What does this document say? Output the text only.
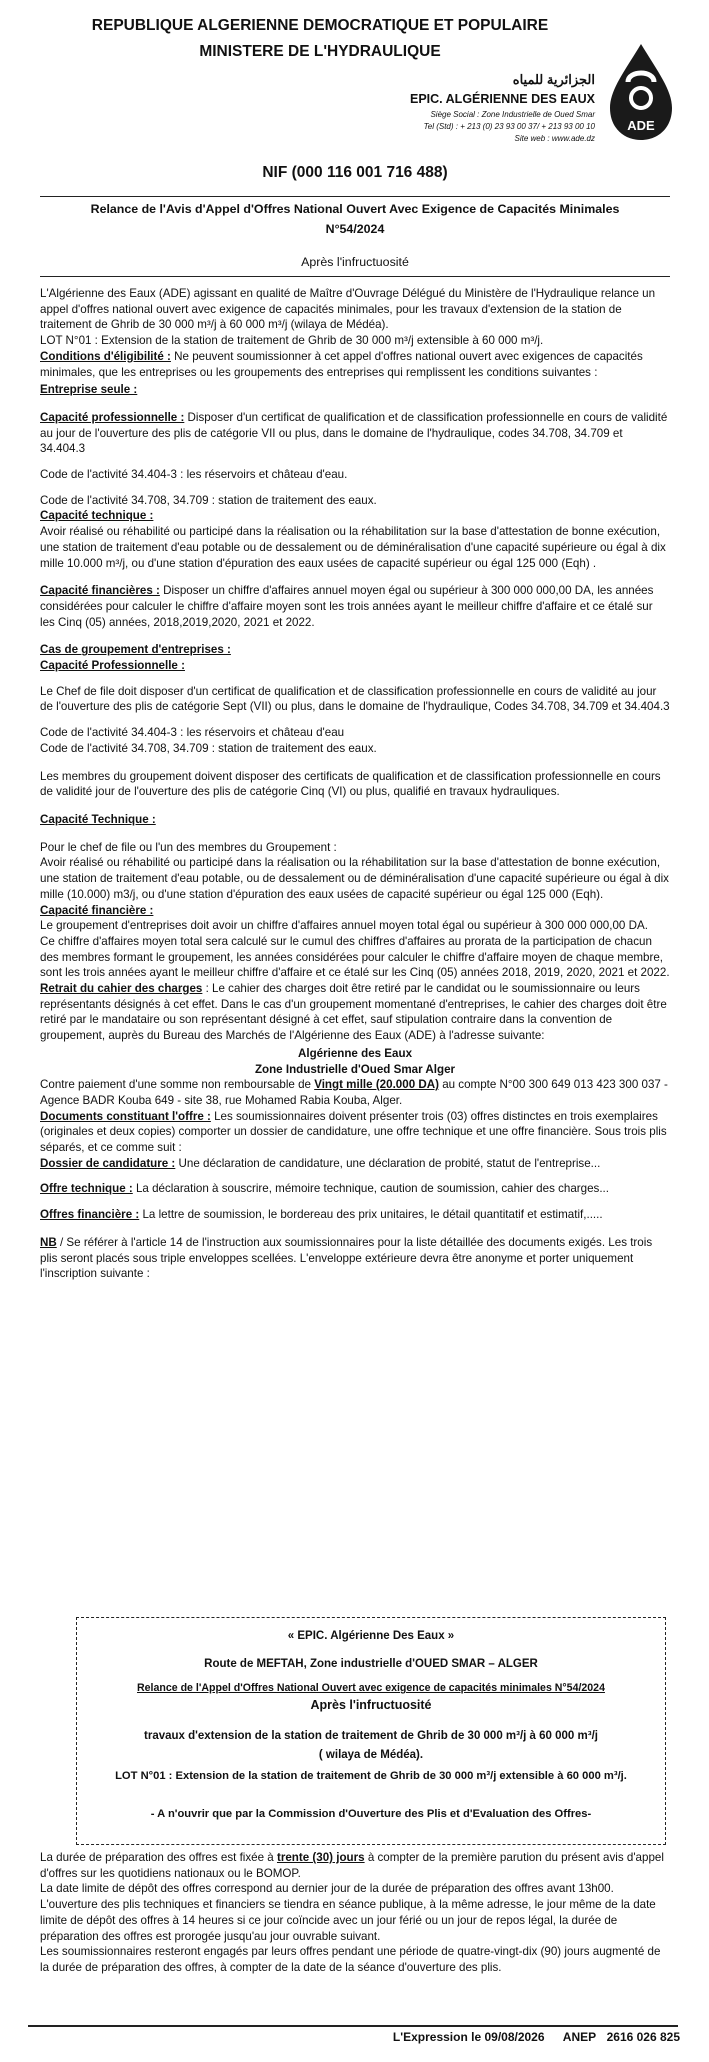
REPUBLIQUE ALGERIENNE DEMOCRATIQUE ET POPULAIRE
MINISTERE DE L'HYDRAULIQUE
الجزائرية للمياه
EPIC. ALGÉRIENNE DES EAUX
Siège Social : Zone Industrielle de Oued Smar
Tel (Std) : + 213 (0) 23 93 00 37/ + 213 93 00 10
Site web : www.ade.dz
ADE
NIF (000 116 001 716 488)
Relance de l'Avis d'Appel d'Offres National Ouvert Avec Exigence de Capacités Minimales
N°54/2024
Après l'infructuosité

L'Algérienne des Eaux (ADE) agissant en qualité de Maître d'Ouvrage Délégué du Ministère de l'Hydraulique relance un appel d'offres national ouvert avec exigence de capacités minimales, pour les travaux d'extension de la station de traitement de Ghrib de 30 000 m³/j à 60 000 m³/j (wilaya de Médéa).

LOT N°01 : Extension de la station de traitement de Ghrib de 30 000 m³/j extensible à 60 000 m³/j.

Conditions d'éligibilité : Ne peuvent soumissionner à cet appel d'offres national ouvert avec exigences de capacités minimales, que les entreprises ou les groupements des entreprises qui remplissent les conditions suivantes :

Entreprise seule :

Capacité professionnelle : Disposer d'un certificat de qualification et de classification professionnelle en cours de validité au jour de l'ouverture des plis de catégorie VII ou plus, dans le domaine de l'hydraulique, codes 34.708, 34.709 et 34.404.3

Code de l'activité 34.404-3 : les réservoirs et château d'eau.

Code de l'activité 34.708, 34.709 : station de traitement des eaux.

Capacité technique :

Avoir réalisé ou réhabilité ou participé dans la réalisation ou la réhabilitation sur la base d'attestation de bonne exécution, une station de traitement d'eau potable ou de dessalement ou de déminéralisation d'une capacité supérieure ou égal à dix mille 10.000 m³/j, ou d'une station d'épuration des eaux usées de capacité supérieur ou égal 125 000 (Eqh) .

Capacité financières : Disposer un chiffre d'affaires annuel moyen égal ou supérieur à 300 000 000,00 DA, les années considérées pour calculer le chiffre d'affaire moyen sont les trois années ayant le meilleur chiffre d'affaire et ce étalé sur les Cinq (05) années, 2018,2019,2020, 2021 et 2022.

Cas de groupement d'entreprises :

Capacité Professionnelle :

Le Chef de file doit disposer d'un certificat de qualification et de classification professionnelle en cours de validité au jour de l'ouverture des plis de catégorie Sept (VII) ou plus, dans le domaine de l'hydraulique, Codes 34.708, 34.709 et 34.404.3

Code de l'activité 34.404-3 : les réservoirs et château d'eau

Code de l'activité 34.708, 34.709 : station de traitement des eaux.

Les membres du groupement doivent disposer des certificats de qualification et de classification professionnelle en cours de validité jour de l'ouverture des plis de catégorie Cinq (VI) ou plus, qualifié en travaux hydrauliques.

Capacité Technique :

Pour le chef de file ou l'un des membres du Groupement :

Avoir réalisé ou réhabilité ou participé dans la réalisation ou la réhabilitation sur la base d'attestation de bonne exécution, une station de traitement d'eau potable, ou de dessalement ou de déminéralisation d'une capacité supérieure ou égal à dix mille (10.000) m3/j, ou d'une station d'épuration des eaux usées de capacité supérieur ou égal 125 000 (Eqh).

Capacité financière :

Le groupement d'entreprises doit avoir un chiffre d'affaires annuel moyen total égal ou supérieur à 300 000 000,00 DA.

Ce chiffre d'affaires moyen total sera calculé sur le cumul des chiffres d'affaires au prorata de la participation de chacun des membres formant le groupement, les années considérées pour calculer le chiffre d'affaire moyen de chaque membre, sont les trois années ayant le meilleur chiffre d'affaire et ce étalé sur les Cinq (05) années 2018, 2019, 2020, 2021 et 2022.

Retrait du cahier des charges : Le cahier des charges doit être retiré par le candidat ou le soumissionnaire ou leurs représentants désignés à cet effet. Dans le cas d'un groupement momentané d'entreprises, le cahier des charges doit être retiré par le mandataire ou son représentant désigné à cet effet, sauf stipulation contraire dans la convention de groupement, auprès du Bureau des Marchés de l'Algérienne des Eaux (ADE) à l'adresse suivante:

Algérienne des Eaux

Zone Industrielle d'Oued Smar Alger

Contre paiement d'une somme non remboursable de Vingt mille (20.000 DA) au compte N°00 300 649 013 423 300 037 - Agence BADR Kouba 649 - site 38, rue Mohamed Rabia Kouba, Alger.

Documents constituant l'offre : Les soumissionnaires doivent présenter trois (03) offres distinctes en trois exemplaires (originales et deux copies) comporter un dossier de candidature, une offre technique et une offre financière. Sous trois plis séparés, et ce comme suit :

Dossier de candidature : Une déclaration de candidature, une déclaration de probité, statut de l'entreprise...

Offre technique : La déclaration à souscrire, mémoire technique, caution de soumission, cahier des charges...

Offres financière : La lettre de soumission, le bordereau des prix unitaires, le détail quantitatif et estimatif,.....

NB / Se référer à l'article 14 de l'instruction aux soumissionnaires pour la liste détaillée des documents exigés. Les trois plis seront placés sous triple enveloppes scellées. L'enveloppe extérieure devra être anonyme et porter uniquement l'inscription suivante :

« EPIC. Algérienne Des Eaux »
Route de MEFTAH, Zone industrielle d'OUED SMAR – ALGER
Relance de l'Appel d'Offres National Ouvert avec exigence de capacités minimales N°54/2024
Après l'infructuosité
travaux d'extension de la station de traitement de Ghrib de 30 000 m³/j à 60 000 m³/j
( wilaya de Médéa).
LOT N°01 : Extension de la station de traitement de Ghrib de 30 000 m³/j extensible à 60 000 m³/j.
- A n'ouvrir que par la Commission d'Ouverture des Plis et d'Evaluation des Offres-

La durée de préparation des offres est fixée à trente (30) jours à compter de la première parution du présent avis d'appel d'offres sur les quotidiens nationaux ou le BOMOP.

La date limite de dépôt des offres correspond au dernier jour de la durée de préparation des offres avant 13h00. L'ouverture des plis techniques et financiers se tiendra en séance publique, à la même adresse, le jour même de la date limite de dépôt des offres à 14 heures si ce jour coïncide avec un jour férié ou un jour de repos légal, la durée de préparation des offres est prorogée jusqu'au jour ouvrable suivant.

Les soumissionnaires resteront engagés par leurs offres pendant une période de quatre-vingt-dix (90) jours augmenté de la durée de préparation des offres, à compter de la date de la séance d'ouverture des plis.

L'Expression le 09/08/2026 ANEP 2616 026 825
